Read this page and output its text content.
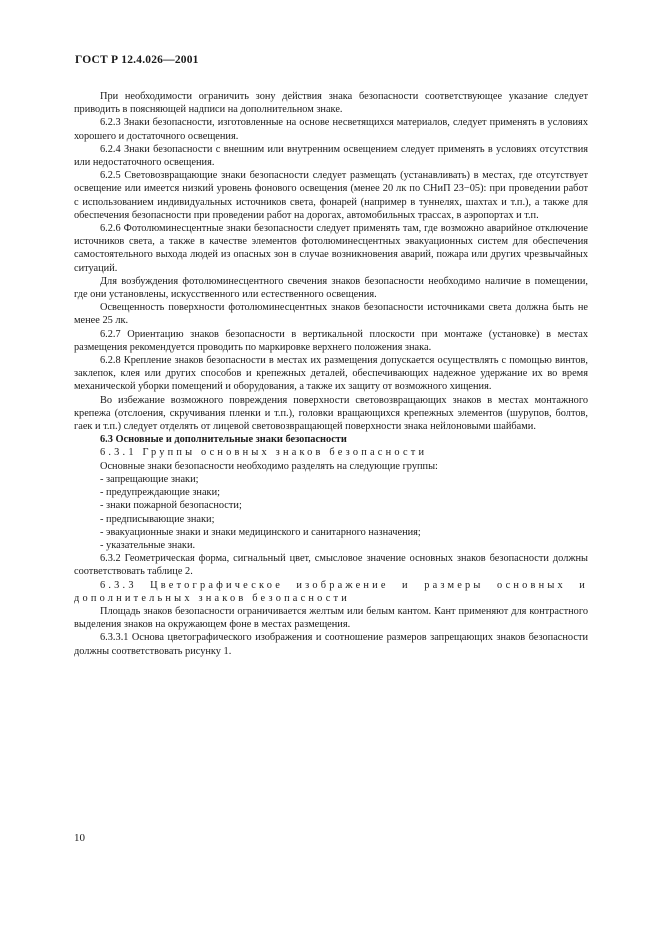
ГОСТ Р 12.4.026—2001

При необходимости ограничить зону действия знака безопасности соответствующее указание следует приводить в поясняющей надписи на дополнительном знаке.

6.2.3 Знаки безопасности, изготовленные на основе несветящихся материалов, следует применять в условиях хорошего и достаточного освещения.

6.2.4 Знаки безопасности с внешним или внутренним освещением следует применять в условиях отсутствия или недостаточного освещения.

6.2.5 Световозвращающие знаки безопасности следует размещать (устанавливать) в местах, где отсутствует освещение или имеется низкий уровень фонового освещения (менее 20 лк по СНиП 23−05): при проведении работ с использованием индивидуальных источников света, фонарей (например в туннелях, шахтах и т.п.), а также для обеспечения безопасности при проведении работ на дорогах, автомобильных трассах, в аэропортах и т.п.

6.2.6 Фотолюминесцентные знаки безопасности следует применять там, где возможно аварийное отключение источников света, а также в качестве элементов фотолюминесцентных эвакуационных систем для обеспечения самостоятельного выхода людей из опасных зон в случае возникновения аварий, пожара или других чрезвычайных ситуаций.

Для возбуждения фотолюминесцентного свечения знаков безопасности необходимо наличие в помещении, где они установлены, искусственного или естественного освещения.

Освещенность поверхности фотолюминесцентных знаков безопасности источниками света должна быть не менее 25 лк.

6.2.7 Ориентацию знаков безопасности в вертикальной плоскости при монтаже (установке) в местах размещения рекомендуется проводить по маркировке верхнего положения знака.

6.2.8 Крепление знаков безопасности в местах их размещения допускается осуществлять с помощью винтов, заклепок, клея или других способов и крепежных деталей, обеспечивающих надежное удержание их во время механической уборки помещений и оборудования, а также их защиту от возможного хищения.

Во избежание возможного повреждения поверхности световозвращающих знаков в местах монтажного крепежа (отслоения, скручивания пленки и т.п.), головки вращающихся крепежных элементов (шурупов, болтов, гаек и т.п.) следует отделять от лицевой световозвращающей поверхности знака нейлоновыми шайбами.

6.3 Основные и дополнительные знаки безопасности

6.3.1 Группы основных знаков безопасности

Основные знаки безопасности необходимо разделять на следующие группы:

- запрещающие знаки;

- предупреждающие знаки;

- знаки пожарной безопасности;

- предписывающие знаки;

- эвакуационные знаки и знаки медицинского и санитарного назначения;

- указательные знаки.

6.3.2 Геометрическая форма, сигнальный цвет, смысловое значение основных знаков безопасности должны соответствовать таблице 2.

6.3.3 Цветографическое изображение и размеры основных и дополнительных знаков безопасности

Площадь знаков безопасности ограничивается желтым или белым кантом. Кант применяют для контрастного выделения знаков на окружающем фоне в местах размещения.

6.3.3.1 Основа цветографического изображения и соотношение размеров запрещающих знаков безопасности должны соответствовать рисунку 1.

10
